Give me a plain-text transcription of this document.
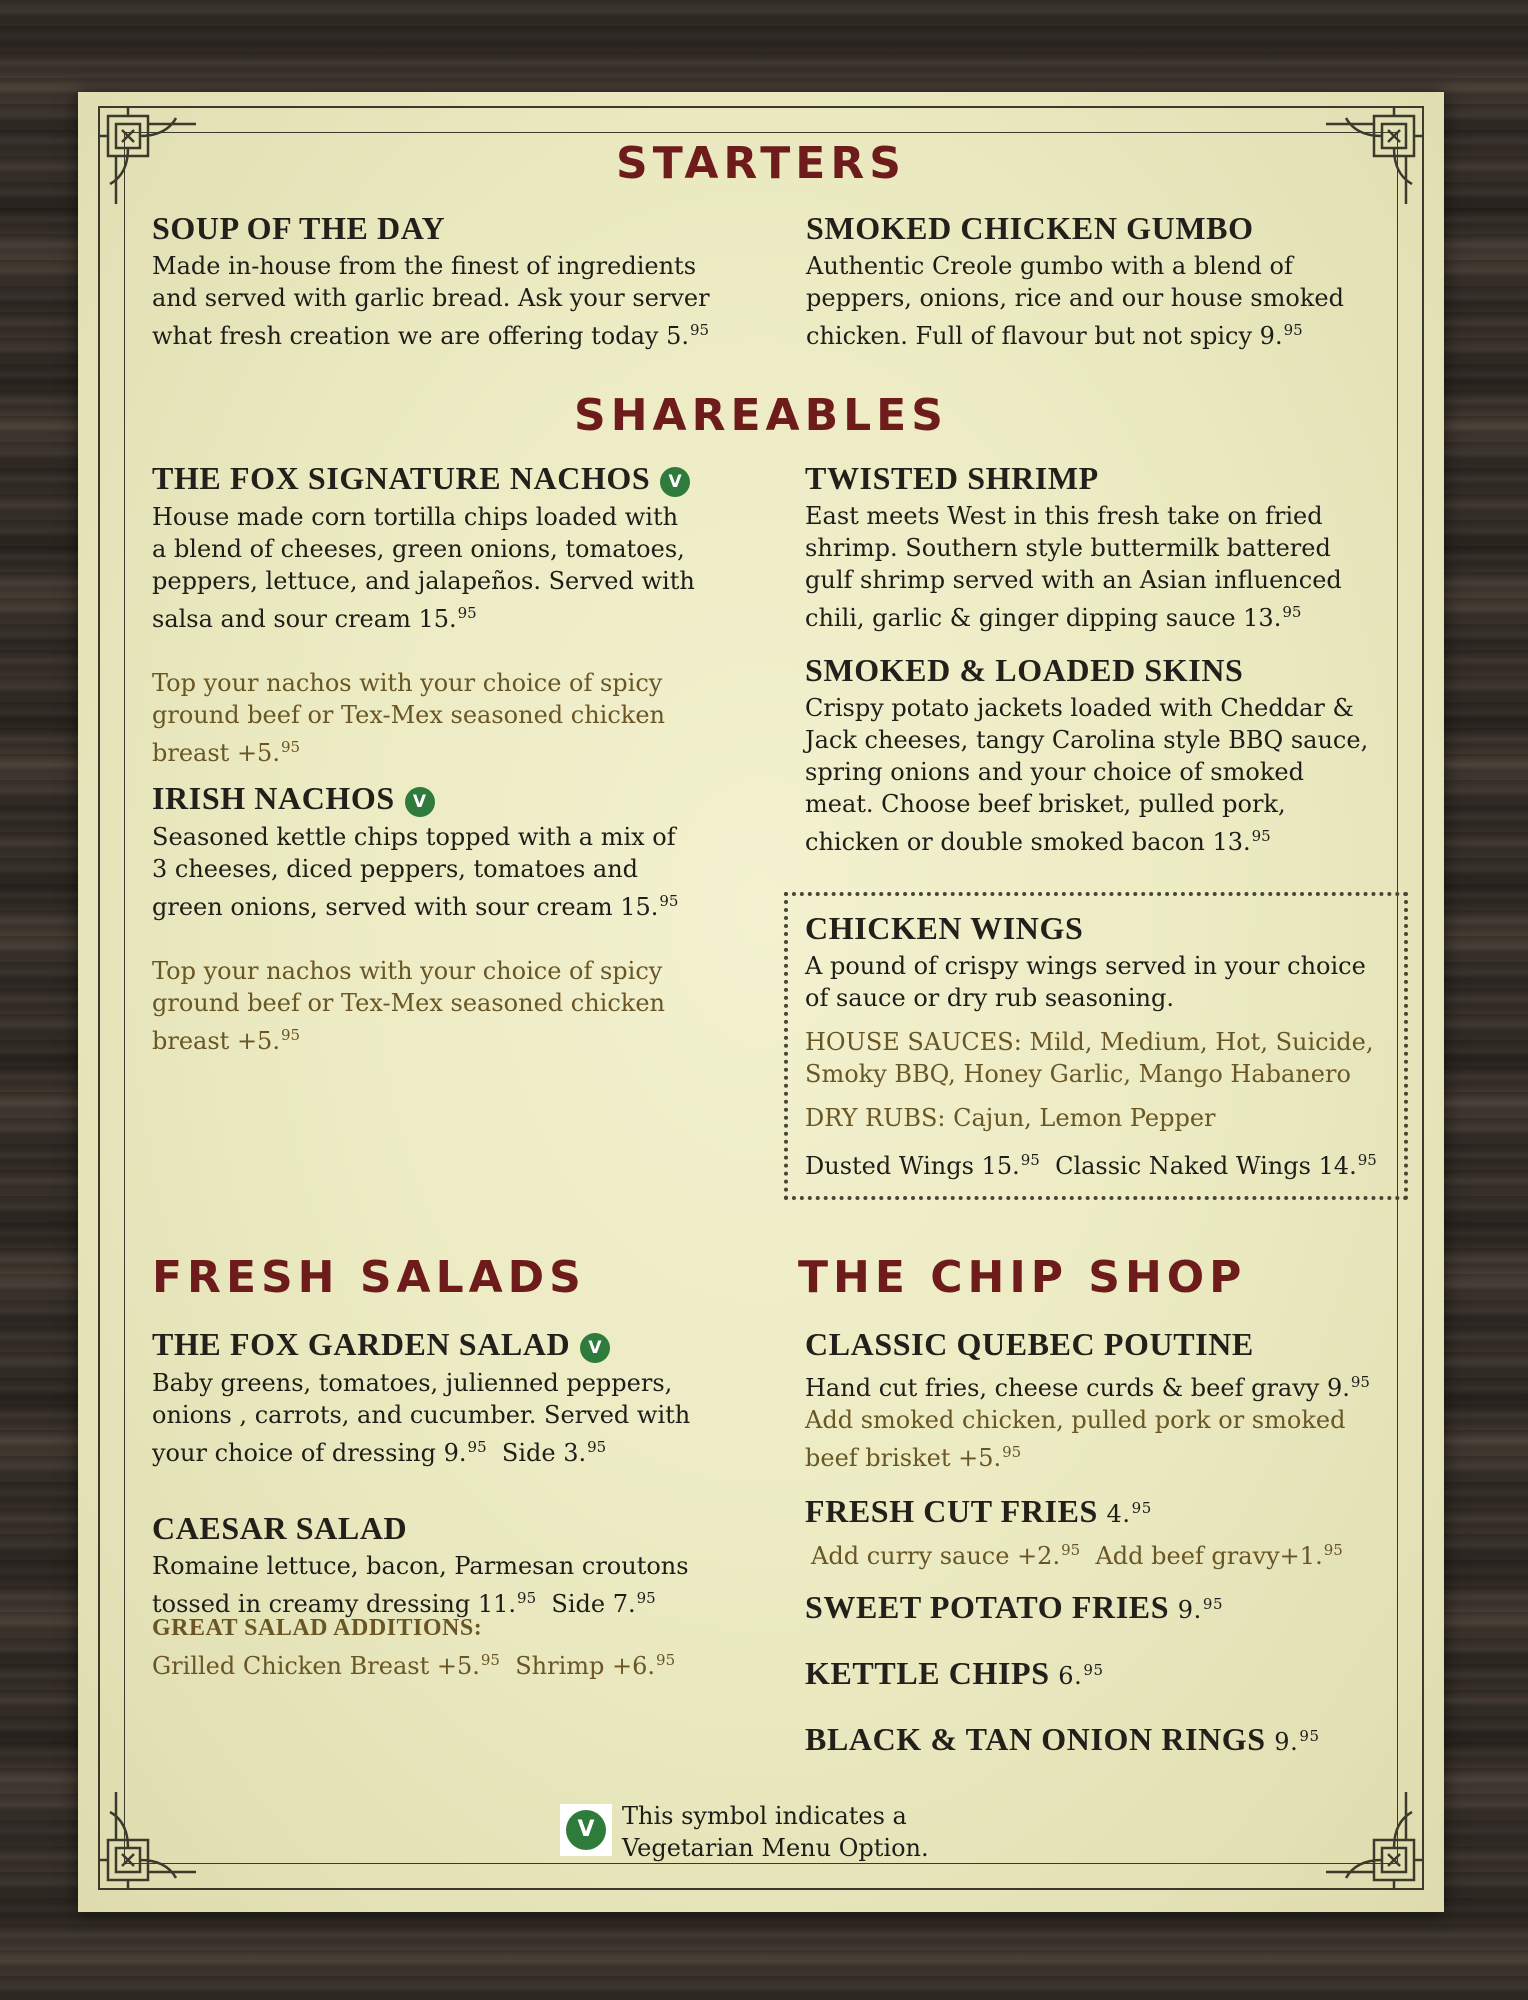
STARTERS

SOUP OF THE DAY

Made in-house from the finest of ingredients
and served with garlic bread. Ask your server
what fresh creation we are offering today 5.95

SMOKED CHICKEN GUMBO

Authentic Creole gumbo with a blend of
peppers, onions, rice and our house smoked
chicken. Full of flavour but not spicy 9.95

SHAREABLES

THE FOX SIGNATURE NACHOS V

House made corn tortilla chips loaded with
a blend of cheeses, green onions, tomatoes,
peppers, lettuce, and jalapeños. Served with
salsa and sour cream 15.95

Top your nachos with your choice of spicy
ground beef or Tex-Mex seasoned chicken
breast +5.95

IRISH NACHOS V

Seasoned kettle chips topped with a mix of
3 cheeses, diced peppers, tomatoes and
green onions, served with sour cream 15.95

Top your nachos with your choice of spicy
ground beef or Tex-Mex seasoned chicken
breast +5.95

TWISTED SHRIMP

East meets West in this fresh take on fried
shrimp. Southern style buttermilk battered
gulf shrimp served with an Asian influenced
chili, garlic & ginger dipping sauce 13.95

SMOKED & LOADED SKINS

Crispy potato jackets loaded with Cheddar &
Jack cheeses, tangy Carolina style BBQ sauce,
spring onions and your choice of smoked
meat. Choose beef brisket, pulled pork,
chicken or double smoked bacon 13.95

CHICKEN WINGS

A pound of crispy wings served in your choice
of sauce or dry rub seasoning.

HOUSE SAUCES: Mild, Medium, Hot, Suicide,
Smoky BBQ, Honey Garlic, Mango Habanero

DRY RUBS: Cajun, Lemon Pepper

Dusted Wings 15.95 Classic Naked Wings 14.95

FRESH SALADS

THE FOX GARDEN SALAD V

Baby greens, tomatoes, julienned peppers,
onions , carrots, and cucumber. Served with
your choice of dressing 9.95 Side 3.95

CAESAR SALAD

Romaine lettuce, bacon, Parmesan croutons
tossed in creamy dressing 11.95 Side 7.95

GREAT SALAD ADDITIONS:

Grilled Chicken Breast +5.95 Shrimp +6.95

THE CHIP SHOP

CLASSIC QUEBEC POUTINE

Hand cut fries, cheese curds & beef gravy 9.95

Add smoked chicken, pulled pork or smoked
beef brisket +5.95

FRESH CUT FRIES 4.95

Add curry sauce +2.95 Add beef gravy+1.95

SWEET POTATO FRIES 9.95

KETTLE CHIPS 6.95

BLACK & TAN ONION RINGS 9.95

V	This symbol indicates a
Vegetarian Menu Option.
